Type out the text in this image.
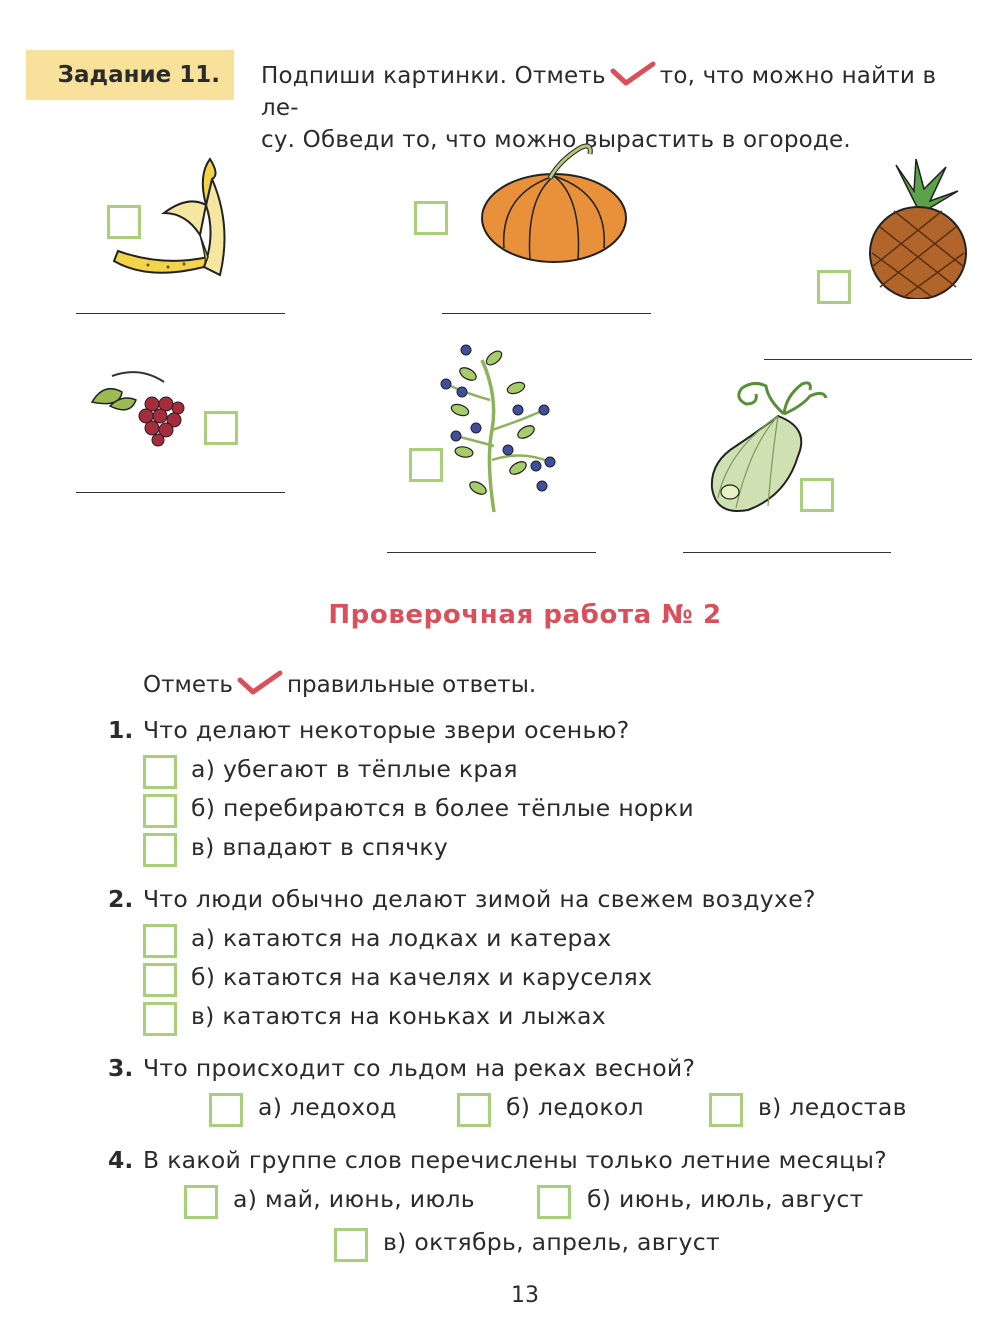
Задание 11.	Подпиши картинки. Отметь то, что можно найти в ле-
су. Обведи то, что можно вырастить в огороде.
Проверочная работа № 2
Отметь правильные ответы.
1. Что делают некоторые звери осенью?
а) убегают в тёплые края
б) перебираются в более тёплые норки
в) впадают в спячку
2. Что люди обычно делают зимой на свежем воздухе?
а) катаются на лодках и катерах
б) катаются на качелях и каруселях
в) катаются на коньках и лыжах
3. Что происходит со льдом на реках весной?
а) ледоход	б) ледокол	в) ледостав
4. В какой группе слов перечислены только летние месяцы?
а) май, июнь, июль	б) июнь, июль, август
в) октябрь, апрель, август
13
